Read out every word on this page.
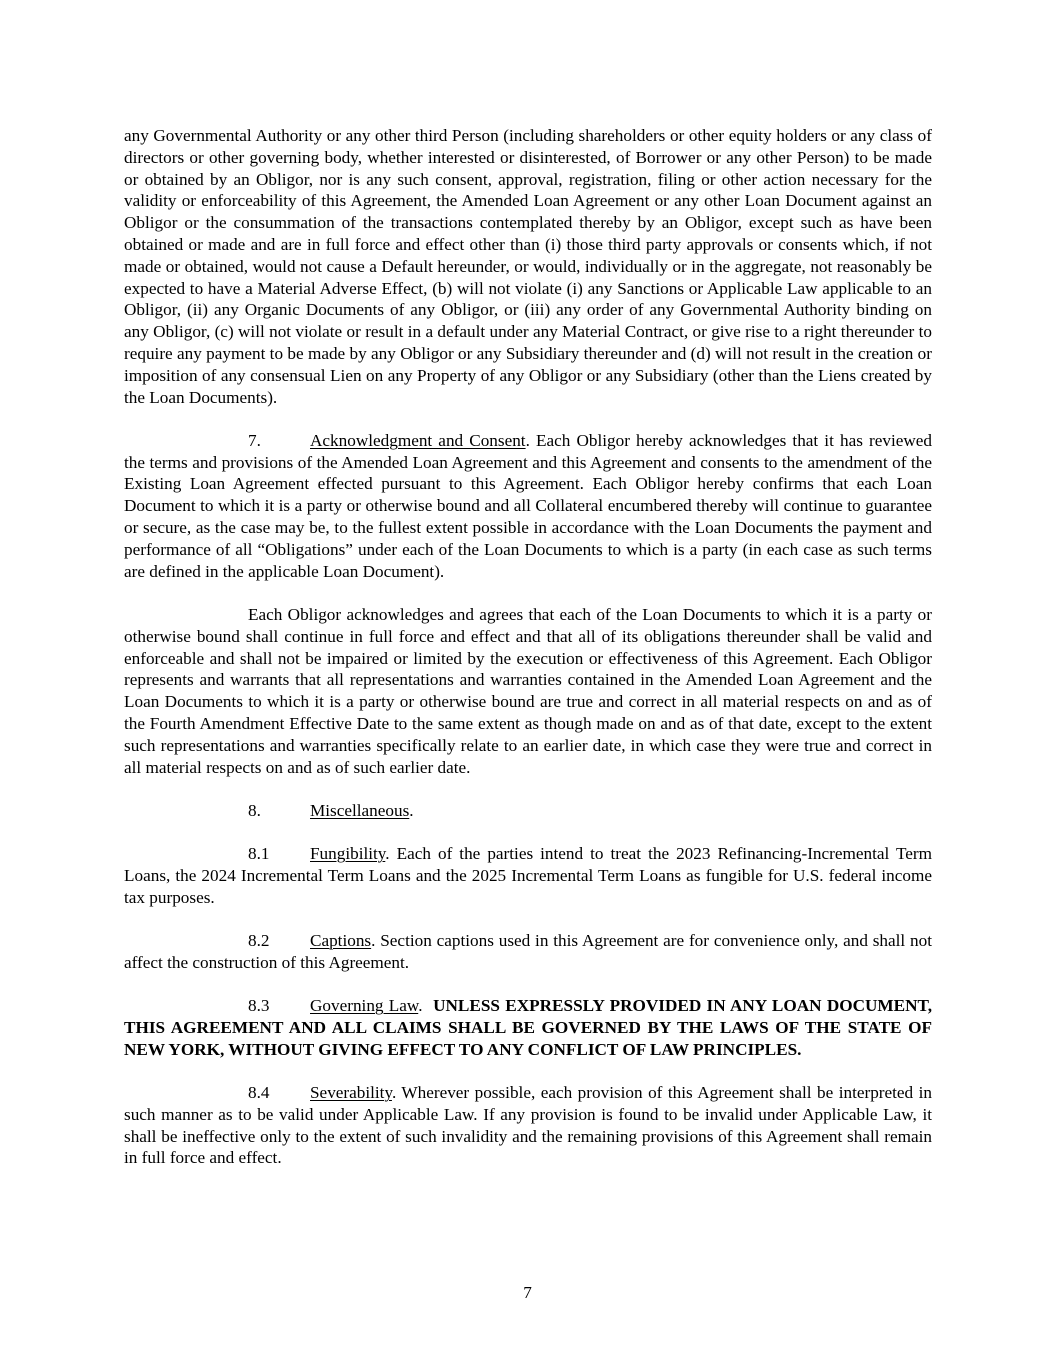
any Governmental Authority or any other third Person (including shareholders or other equity holders or any class of directors or other governing body, whether interested or disinterested, of Borrower or any other Person) to be made or obtained by an Obligor, nor is any such consent, approval, registration, filing or other action necessary for the validity or enforceability of this Agreement, the Amended Loan Agreement or any other Loan Document against an Obligor or the consummation of the transactions contemplated thereby by an Obligor, except such as have been obtained or made and are in full force and effect other than (i) those third party approvals or consents which, if not made or obtained, would not cause a Default hereunder, or would, individually or in the aggregate, not reasonably be expected to have a Material Adverse Effect, (b) will not violate (i) any Sanctions or Applicable Law applicable to an Obligor, (ii) any Organic Documents of any Obligor, or (iii) any order of any Governmental Authority binding on any Obligor, (c) will not violate or result in a default under any Material Contract, or give rise to a right thereunder to require any payment to be made by any Obligor or any Subsidiary thereunder and (d) will not result in the creation or imposition of any consensual Lien on any Property of any Obligor or any Subsidiary (other than the Liens created by the Loan Documents).

7.	Acknowledgment and Consent. Each Obligor hereby acknowledges that it has reviewed the terms and provisions of the Amended Loan Agreement and this Agreement and consents to the amendment of the Existing Loan Agreement effected pursuant to this Agreement. Each Obligor hereby confirms that each Loan Document to which it is a party or otherwise bound and all Collateral encumbered thereby will continue to guarantee or secure, as the case may be, to the fullest extent possible in accordance with the Loan Documents the payment and performance of all “Obligations” under each of the Loan Documents to which is a party (in each case as such terms are defined in the applicable Loan Document).

Each Obligor acknowledges and agrees that each of the Loan Documents to which it is a party or otherwise bound shall continue in full force and effect and that all of its obligations thereunder shall be valid and enforceable and shall not be impaired or limited by the execution or effectiveness of this Agreement. Each Obligor represents and warrants that all representations and warranties contained in the Amended Loan Agreement and the Loan Documents to which it is a party or otherwise bound are true and correct in all material respects on and as of the Fourth Amendment Effective Date to the same extent as though made on and as of that date, except to the extent such representations and warranties specifically relate to an earlier date, in which case they were true and correct in all material respects on and as of such earlier date.

8.	Miscellaneous.

8.1 Fungibility. Each of the parties intend to treat the 2023 Refinancing-Incremental Term Loans, the 2024 Incremental Term Loans and the 2025 Incremental Term Loans as fungible for U.S. federal income tax purposes.

8.2 Captions. Section captions used in this Agreement are for convenience only, and shall not affect the construction of this Agreement.

8.3 Governing Law.  UNLESS EXPRESSLY PROVIDED IN ANY LOAN DOCUMENT, THIS AGREEMENT AND ALL CLAIMS SHALL BE GOVERNED BY THE LAWS OF THE STATE OF NEW YORK, WITHOUT GIVING EFFECT TO ANY CONFLICT OF LAW PRINCIPLES.

8.4 Severability. Wherever possible, each provision of this Agreement shall be interpreted in such manner as to be valid under Applicable Law. If any provision is found to be invalid under Applicable Law, it shall be ineffective only to the extent of such invalidity and the remaining provisions of this Agreement shall remain in full force and effect.

7
